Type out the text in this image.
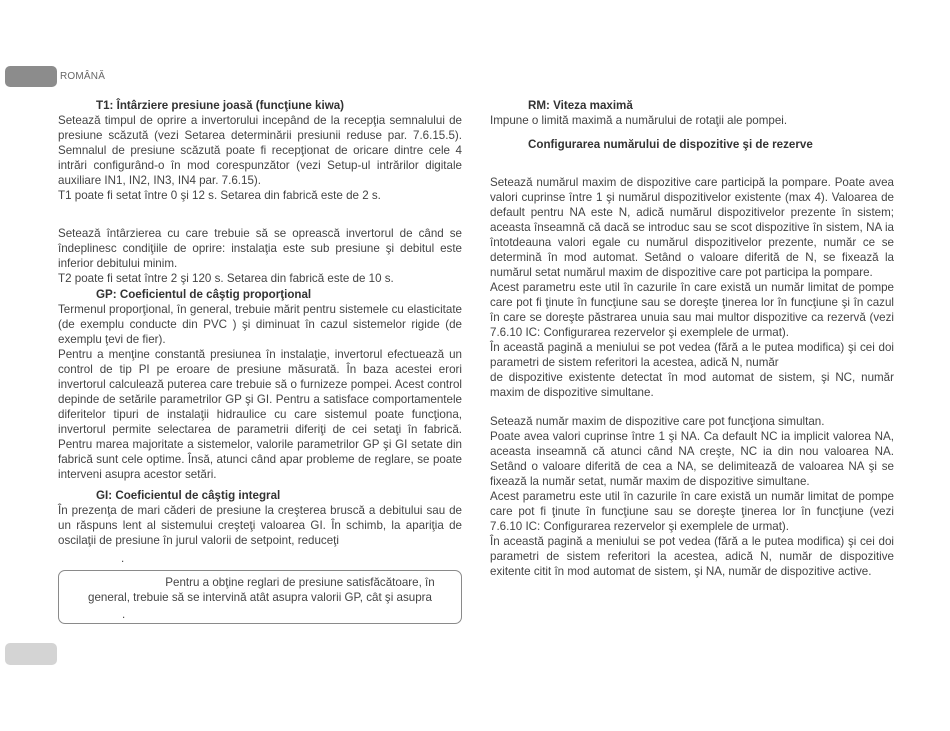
ROMÂNĂ

T1: Întârziere presiune joasă (funcţiune kiwa)

Setează timpul de oprire a invertorului incepând de la recepţia semnalului de presiune scăzută (vezi Setarea determinării presiunii reduse par. 7.6.15.5). Semnalul de presiune scăzută poate fi recepţionat de oricare dintre cele 4 intrări configurând-o în mod corespunzător (vezi Setup-ul intrărilor digitale auxiliare IN1, IN2, IN3, IN4 par. 7.6.15).

T1 poate fi setat între 0 şi 12 s. Setarea din fabrică este de 2 s.

Setează întârzierea cu care trebuie să se oprească invertorul de când se îndeplinesc condiţiile de oprire: instalaţia este sub presiune şi debitul este inferior debitului minim.

T2 poate fi setat între 2 şi 120 s. Setarea din fabrică este de 10 s.

GP: Coeficientul de câştig proporţional

Termenul proporţional, în general, trebuie mărit pentru sistemele cu elasticitate (de exemplu conducte din PVC ) şi diminuat în cazul sistemelor rigide (de exemplu ţevi de fier).

Pentru a menţine constantă presiunea în instalaţie, invertorul efectuează un control de tip PI pe eroare de presiune măsurată. În baza acestei erori invertorul calculează puterea care trebuie să o furnizeze pompei. Acest control depinde de setările parametrilor GP şi GI. Pentru a satisface comportamentele diferitelor tipuri de instalaţii hidraulice cu care sistemul poate funcţiona, invertorul permite selectarea de parametrii diferiţi de cei setaţi în fabrică. Pentru marea majoritate a sistemelor, valorile parametrilor GP şi GI setate din fabrică sunt cele optime. Însă, atunci când apar probleme de reglare, se poate interveni asupra acestor setări.

GI: Coeficientul de câştig integral

În prezenţa de mari căderi de presiune la creşterea bruscă a debitului sau de un răspuns lent al sistemului creşteţi valoarea GI. În schimb, la apariţia de oscilaţii de presiune în jurul valorii de setpoint, reduceţi

.

Pentru a obţine reglari de presiune satisfăcătoare, în general, trebuie să se intervină atât asupra valorii GP, cât şi asupra

.

RM: Viteza maximă

Impune o limită maximă a numărului de rotaţii ale pompei.

Configurarea numărului de dispozitive şi de rezerve

Setează numărul maxim de dispozitive care participă la pompare. Poate avea valori cuprinse între 1 şi numărul dispozitivelor existente (max 4). Valoarea de default pentru NA este N, adică numărul dispozitivelor prezente în sistem; aceasta înseamnă că dacă se introduc sau se scot dispozitive în sistem, NA ia întotdeauna valori egale cu numărul dispozitivelor prezente, număr ce se determină în mod automat. Setând o valoare diferită de N, se fixează la numărul setat numărul maxim de dispozitive care pot participa la pompare.

Acest parametru este util în cazurile în care există un număr limitat de pompe care pot fi ţinute în funcţiune sau se doreşte ţinerea lor în funcţiune şi în cazul în care se doreşte păstrarea unuia sau mai multor dispozitive ca rezervă (vezi 7.6.10 IC: Configurarea rezervelor şi exemplele de urmat).

În această pagină a meniului se pot vedea (fără a le putea modifica) şi cei doi parametri de sistem referitori la acestea, adică N, număr

de dispozitive existente detectat în mod automat de sistem, şi NC, număr maxim de dispozitive simultane.

Setează număr maxim de dispozitive care pot funcţiona simultan.

Poate avea valori cuprinse între 1 şi NA. Ca default NC ia implicit valorea NA, aceasta inseamnă că atunci când NA creşte, NC ia din nou valoarea NA. Setând o valoare diferită de cea a NA, se delimitează de valoarea NA şi se fixează la număr setat, număr maxim de dispozitive simultane.

Acest parametru este util în cazurile în care există un număr limitat de pompe care pot fi ţinute în funcţiune sau se doreşte ţinerea lor în funcţiune (vezi 7.6.10 IC: Configurarea rezervelor şi exemplele de urmat).

În această pagină a meniului se pot vedea (fără a le putea modifica) şi cei doi parametri de sistem referitori la acestea, adică N, număr de dispozitive exitente citit în mod automat de sistem, şi NA, număr de dispozitive active.
